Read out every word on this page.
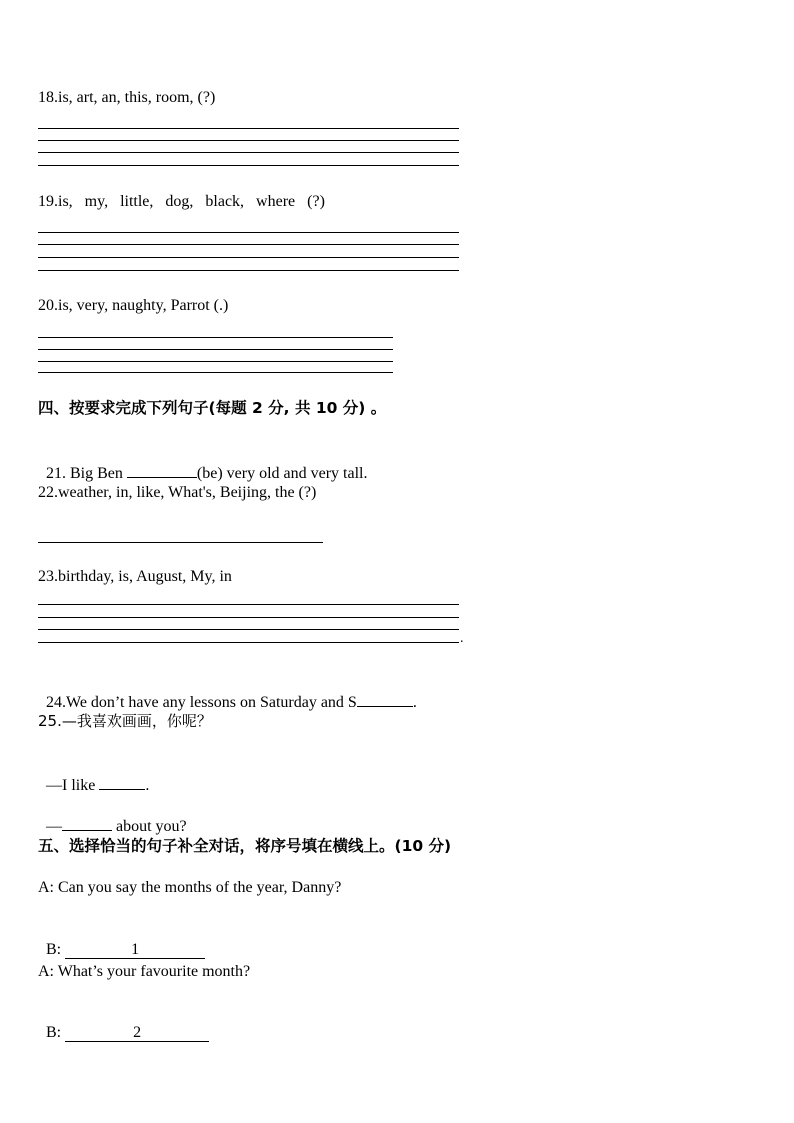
18.is, art, an, this, room, (?)
19.is,   my,   little,   dog,   black,   where   (?)
20.is, very, naughty, Parrot (.)
四、按要求完成下列句子(每题 2 分, 共 10 分) 。

21. Big Ben	(be) very old and very tall.

22.weather, in, like, What's, Beijing, the (?)
23.birthday, is, August, My, in
.

24.We don’t have any lessons on Saturday and S	.

25.—我喜欢画画，你呢？

—I like	.

—	about you?

五、选择恰当的句子补全对话，将序号填在横线上。(10 分)
A: Can you say the months of the year, Danny?

B:	1

A: What’s your favourite month?

B:	2
